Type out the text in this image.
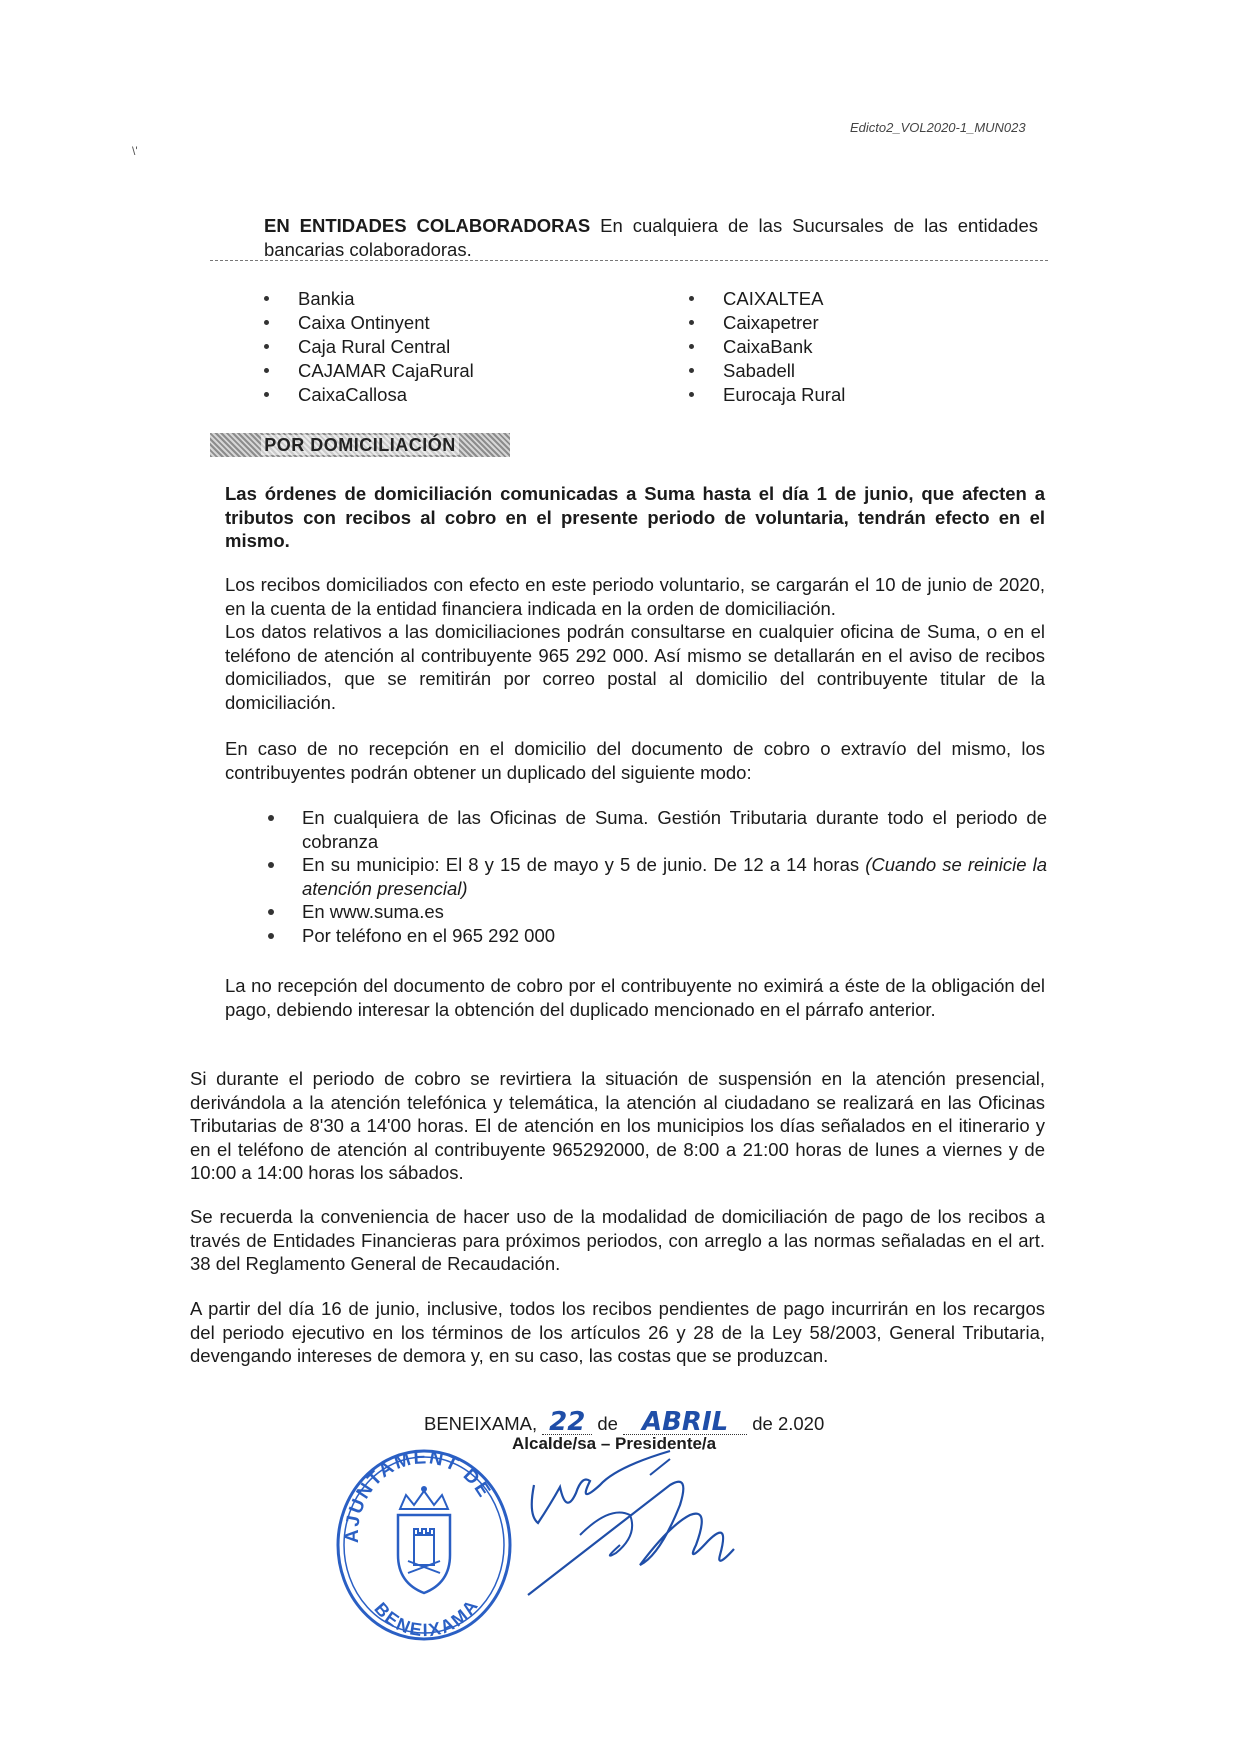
Edicto2_VOL2020-1_MUN023
\'
EN ENTIDADES COLABORADORAS En cualquiera de las Sucursales de las entidades bancarias colaboradoras.
Bankia
Caixa Ontinyent
Caja Rural Central
CAJAMAR CajaRural
CaixaCallosa
CAIXALTEA
Caixapetrer
CaixaBank
Sabadell
Eurocaja Rural
POR DOMICILIACIÓN
Las órdenes de domiciliación comunicadas a Suma hasta el día 1 de junio, que afecten a tributos con recibos al cobro en el presente periodo de voluntaria, tendrán efecto en el mismo.
Los recibos domiciliados con efecto en este periodo voluntario, se cargarán el 10 de junio de 2020, en la cuenta de la entidad financiera indicada en la orden de domiciliación.
Los datos relativos a las domiciliaciones podrán consultarse en cualquier oficina de Suma, o en el teléfono de atención al contribuyente 965 292 000. Así mismo se detallarán en el aviso de recibos domiciliados, que se remitirán por correo postal al domicilio del contribuyente titular de la domiciliación.
En caso de no recepción en el domicilio del documento de cobro o extravío del mismo, los contribuyentes podrán obtener un duplicado del siguiente modo:
En cualquiera de las Oficinas de Suma. Gestión Tributaria durante todo el periodo de cobranza
En su municipio: El 8 y 15 de mayo y 5 de junio. De 12 a 14 horas (Cuando se reinicie la atención presencial)
En www.suma.es
Por teléfono en el 965 292 000
La no recepción del documento de cobro por el contribuyente no eximirá a éste de la obligación del pago, debiendo interesar la obtención del duplicado mencionado en el párrafo anterior.
Si durante el periodo de cobro se revirtiera la situación de suspensión en la atención presencial, derivándola a la atención telefónica y telemática, la atención al ciudadano se realizará en las Oficinas Tributarias de 8'30 a 14'00 horas. El de atención en los municipios los días señalados en el itinerario y en el teléfono de atención al contribuyente 965292000, de 8:00 a 21:00 horas de lunes a viernes y de 10:00 a 14:00 horas los sábados.
Se recuerda la conveniencia de hacer uso de la modalidad de domiciliación de pago de los recibos a través de Entidades Financieras para próximos periodos, con arreglo a las normas señaladas en el art. 38 del Reglamento General de Recaudación.
A partir del día 16 de junio, inclusive, todos los recibos pendientes de pago incurrirán en los recargos del periodo ejecutivo en los términos de los artículos 26 y 28 de la Ley 58/2003, General Tributaria, devengando intereses de demora y, en su caso, las costas que se produzcan.
BENEIXAMA, 22 de ABRIL de 2.020
Alcalde/sa – Presidente/a
AJUNTAMENT DE
BENEIXAMA
